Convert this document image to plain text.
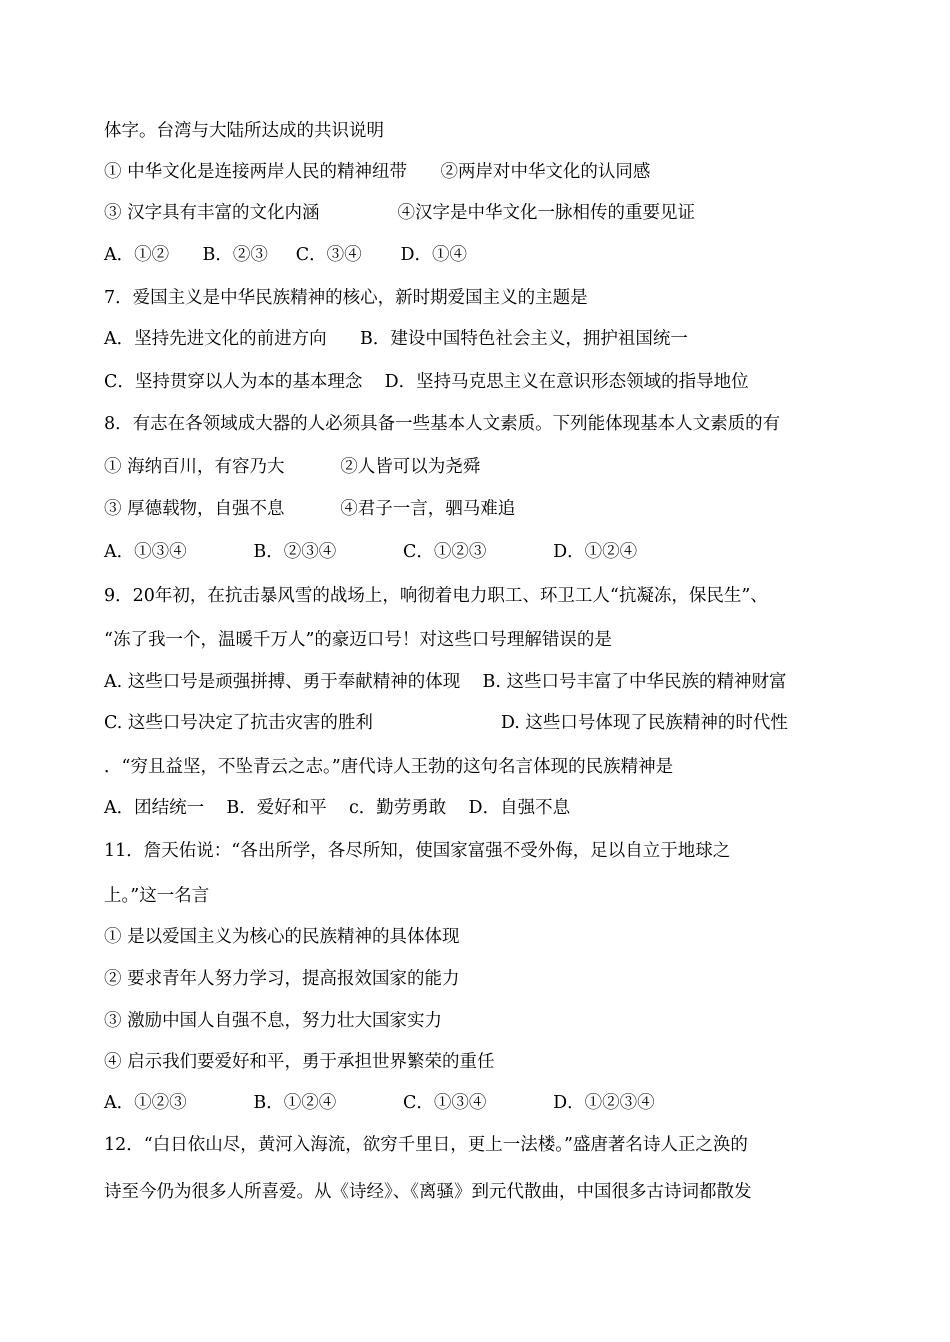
体字。台湾与大陆所达成的共识说明
① 中华文化是连接两岸人民的精神纽带      ②两岸对中华文化的认同感
③ 汉字具有丰富的文化内涵              ④汉字是中华文化一脉相传的重要见证
A．①②      B．②③     C．③④       D．①④
7．爱国主义是中华民族精神的核心，新时期爱国主义的主题是
A．坚持先进文化的前进方向      B．建设中国特色社会主义，拥护祖国统一
C．坚持贯穿以人为本的基本理念    D．坚持马克思主义在意识形态领域的指导地位
8．有志在各领域成大器的人必须具备一些基本人文素质。下列能体现基本人文素质的有
① 海纳百川，有容乃大          ②人皆可以为尧舜
③ 厚德载物，自强不息          ④君子一言，驷马难追
A．①③④            B．②③④            C．①②③            D．①②④
9．20年初，在抗击暴风雪的战场上，响彻着电力职工、环卫工人“抗凝冻，保民生”、
“冻了我一个，温暖千万人”的豪迈口号！对这些口号理解错误的是
A. 这些口号是顽强拼搏、勇于奉献精神的体现    B. 这些口号丰富了中华民族的精神财富
C. 这些口号决定了抗击灾害的胜利                       D. 这些口号体现了民族精神的时代性
．“穷且益坚，不坠青云之志。”唐代诗人王勃的这句名言体现的民族精神是
A．团结统一    B．爱好和平    c．勤劳勇敢    D．自强不息
11．詹天佑说：“各出所学，各尽所知，使国家富强不受外侮，足以自立于地球之
上。”这一名言
① 是以爱国主义为核心的民族精神的具体体现
② 要求青年人努力学习，提高报效国家的能力
③ 激励中国人自强不息，努力壮大国家实力
④ 启示我们要爱好和平，勇于承担世界繁荣的重任
A．①②③            B．①②④            C．①③④            D．①②③④
12．“白日依山尽，黄河入海流，欲穷千里日，更上一法楼。”盛唐著名诗人正之涣的
诗至今仍为很多人所喜爱。从《诗经》、《离骚》到元代散曲，中国很多古诗词都散发
